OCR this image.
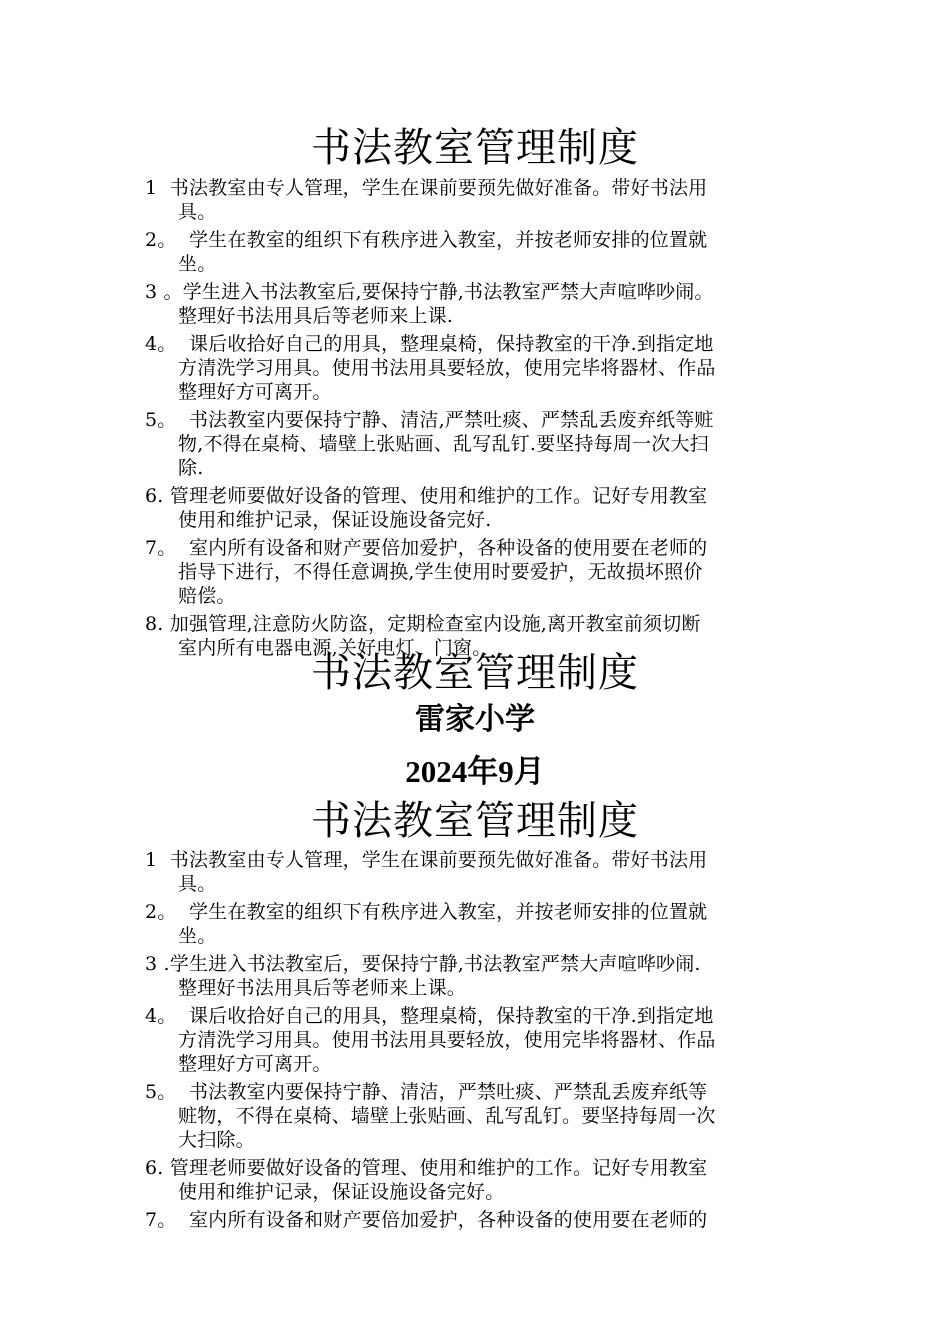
书法教室管理制度
1  书法教室由专人管理，学生在课前要预先做好准备。带好书法用
具。
2。  学生在教室的组织下有秩序进入教室，并按老师安排的位置就
坐。
3 。学生进入书法教室后,要保持宁静,书法教室严禁大声喧哗吵闹。
整理好书法用具后等老师来上课.
4。  课后收拾好自己的用具，整理桌椅，保持教室的干净.到指定地
方清洗学习用具。使用书法用具要轻放，使用完毕将器材、作品
整理好方可离开。
5。  书法教室内要保持宁静、清洁,严禁吐痰、严禁乱丢废弃纸等赃
物,不得在桌椅、墙壁上张贴画、乱写乱钉.要坚持每周一次大扫
除.
6. 管理老师要做好设备的管理、使用和维护的工作。记好专用教室
使用和维护记录，保证设施设备完好.
7。  室内所有设备和财产要倍加爱护，各种设备的使用要在老师的
指导下进行，不得任意调换,学生使用时要爱护，无故损坏照价
赔偿。
8. 加强管理,注意防火防盗，定期检查室内设施,离开教室前须切断
室内所有电器电源,关好电灯、门窗。
书法教室管理制度
雷家小学
2024年9月
书法教室管理制度
1  书法教室由专人管理，学生在课前要预先做好准备。带好书法用
具。
2。  学生在教室的组织下有秩序进入教室，并按老师安排的位置就
坐。
3 .学生进入书法教室后，要保持宁静,书法教室严禁大声喧哗吵闹.
整理好书法用具后等老师来上课。
4。  课后收拾好自己的用具，整理桌椅，保持教室的干净.到指定地
方清洗学习用具。使用书法用具要轻放，使用完毕将器材、作品
整理好方可离开。
5。  书法教室内要保持宁静、清洁，严禁吐痰、严禁乱丢废弃纸等
赃物，不得在桌椅、墙壁上张贴画、乱写乱钉。要坚持每周一次
大扫除。
6. 管理老师要做好设备的管理、使用和维护的工作。记好专用教室
使用和维护记录，保证设施设备完好。
7。  室内所有设备和财产要倍加爱护，各种设备的使用要在老师的
